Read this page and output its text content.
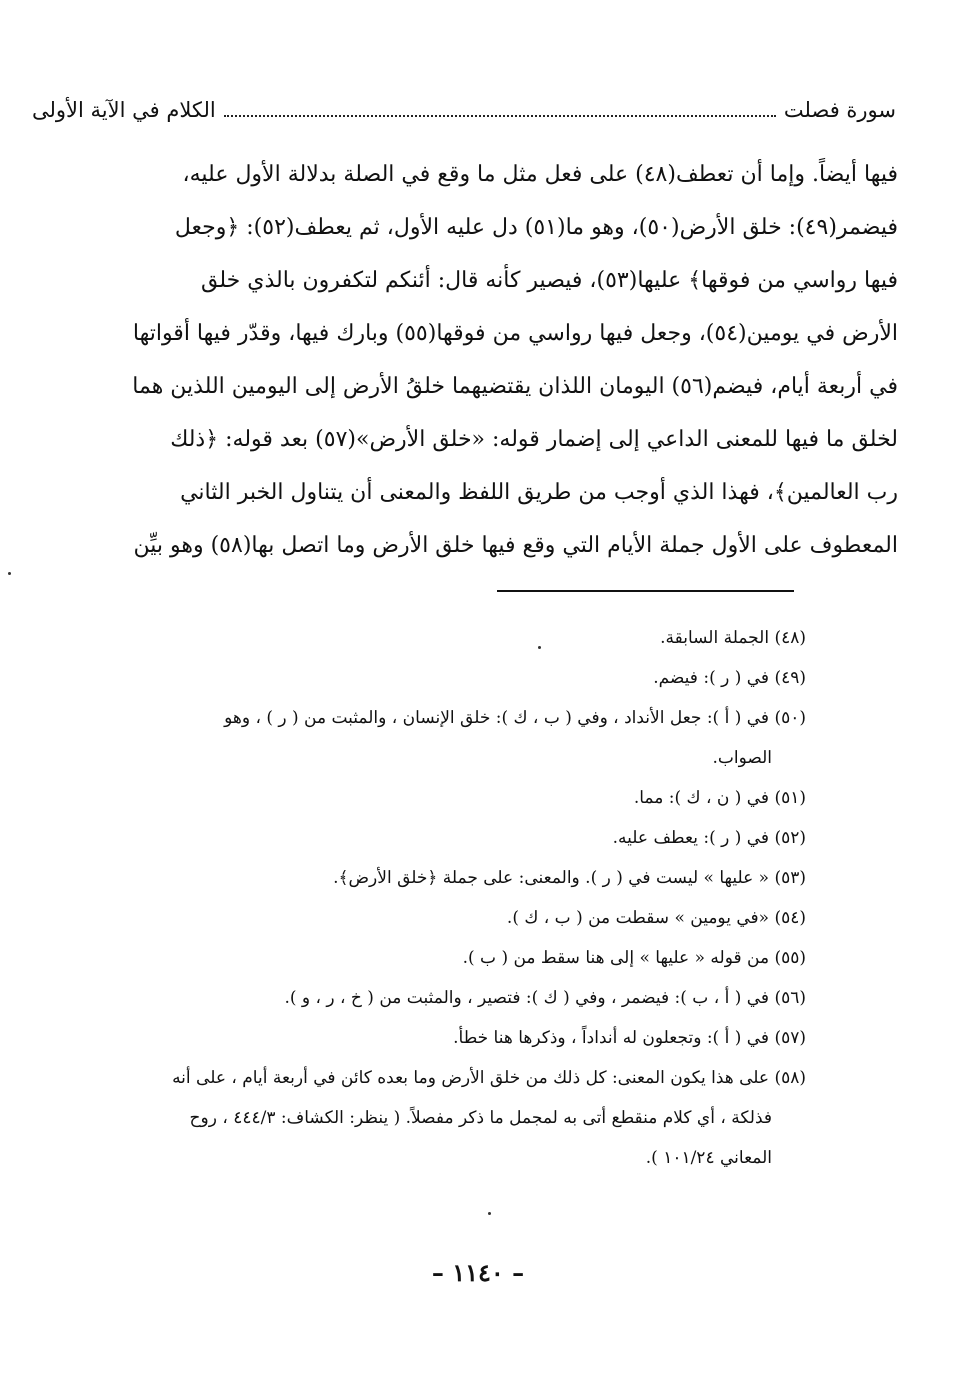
سورة فصلت
الكلام في الآية الأولى
فيها أيضاً. وإما أن تعطف(٤٨) على فعل مثل ما وقع في الصلة بدلالة الأول عليه،
فيضمر(٤٩): خلق الأرض(٥٠)، وهو ما(٥١) دل عليه الأول، ثم يعطف(٥٢): ﴿وجعل
فيها رواسي من فوقها﴾ عليها(٥٣)، فيصير كأنه قال: أئنكم لتكفرون بالذي خلق
الأرض في يومين(٥٤)، وجعل فيها رواسي من فوقها(٥٥) وبارك فيها، وقدّر فيها أقواتها
في أربعة أيام، فيضم(٥٦) اليومان اللذان يقتضيهما خلقُ الأرض إلى اليومين اللذين هما
لخلق ما فيها للمعنى الداعي إلى إضمار قوله: «خلق الأرض»(٥٧) بعد قوله: ﴿ذلك
رب العالمين﴾، فهذا الذي أوجب من طريق اللفظ والمعنى أن يتناول الخبر الثاني
المعطوف على الأول جملة الأيام التي وقع فيها خلق الأرض وما اتصل بها(٥٨) وهو بيِّن
(٤٨) الجملة السابقة.
(٤٩) في ( ر ): فيضم.
(٥٠) في ( أ ): جعل الأنداد ، وفي ( ب ، ك ): خلق الإنسان ، والمثبت من ( ر ) ، وهو
الصواب.
(٥١) في ( ن ، ك ): مما.
(٥٢) في ( ر ): يعطف عليه.
(٥٣) « عليها » ليست في ( ر ). والمعنى: على جملة ﴿خلق الأرض﴾.
(٥٤) «في يومين » سقطت من ( ب ، ك ).
(٥٥) من قوله « عليها » إلى هنا سقط من ( ب ).
(٥٦) في ( أ ، ب ): فيضمر ، وفي ( ك ): فتصير ، والمثبت من ( خ ، ر ، و ).
(٥٧) في ( أ ): وتجعلون له أنداداً ، وذكرها هنا خطأ.
(٥٨) على هذا يكون المعنى: كل ذلك من خلق الأرض وما بعده كائن في أربعة أيام ، على أنه
فذلكة ، أي كلام منقطع أتى به لمجمل ما ذكر مفصلاً. ( ينظر: الكشاف: ٤٤٤/٣ ، روح
المعاني ١٠١/٢٤ ).
– ١١٤٠ –
